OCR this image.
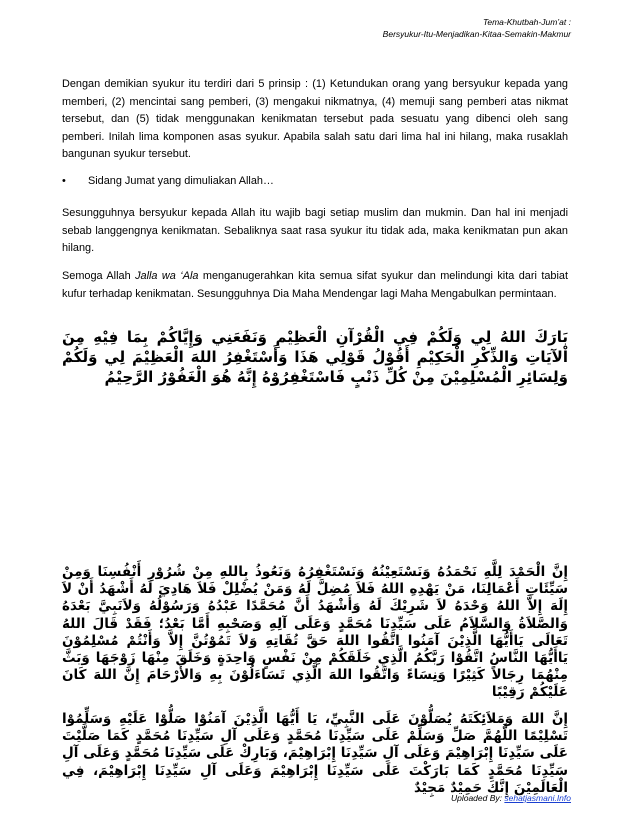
Tema-Khutbah-Jum’at :
Bersyukur-Itu-Menjadikan-Kitaa-Semakin-Makmur
Dengan demikian syukur itu terdiri dari 5 prinsip : (1) Ketundukan orang yang bersyukur kepada yang memberi, (2) mencintai sang pemberi, (3) mengakui nikmatnya, (4) memuji sang pemberi atas nikmat tersebut, dan (5) tidak menggunakan kenikmatan tersebut pada sesuatu yang dibenci oleh sang pemberi. Inilah lima komponen asas syukur. Apabila salah satu dari lima hal ini hilang, maka rusaklah bangunan syukur tersebut.
• Sidang Jumat yang dimuliakan Allah…
Sesungguhnya bersyukur kepada Allah itu wajib bagi setiap muslim dan mukmin. Dan hal ini menjadi sebab langgengnya kenikmatan. Sebaliknya saat rasa syukur itu tidak ada, maka kenikmatan pun akan hilang.
Semoga Allah Jalla wa ‘Ala menganugerahkan kita semua sifat syukur dan melindungi kita dari tabiat kufur terhadap kenikmatan. Sesungguhnya Dia Maha Mendengar lagi Maha Mengabulkan permintaan.
بَارَكَ اللهُ لِي وَلَكُمْ فِي الْقُرْآنِ الْعَظِيْمِ وَنَفَعَنِي وَإِيَّاكُمْ بِمَا فِيْهِ مِنَ اْلآيَاتِ وَالذِّكْرِ الْحَكِيْمِ أَقُوْلُ قَوْلِي هَذَا وَأَسْتَغْفِرُ اللهَ الْعَظِيْمَ لِي وَلَكُمْ وَلِسَائِرِ الْمُسْلِمِيْنَ مِنْ كُلِّ ذَنْبٍ فَاسْتَغْفِرُوْهُ إِنَّهُ هُوَ الْغَفُوْرُ الرَّحِيْمُ
إِنَّ الْحَمْدَ لِلَّهِ نَحْمَدُهُ وَنَسْتَعِيْنُهُ وَنَسْتَغْفِرُهُ وَنَعُوذُ بِاللهِ مِنْ شُرُوْرِ أَنْفُسِنَا وَمِنْ سَيِّئَاتِ أَعْمَالِنَا، مَنْ يَهْدِهِ اللهُ فَلاَ مُضِلَّ لَهُ وَمَنْ يُضْلِلْ فَلاَ هَادِيَ لَهُ أَشْهَدُ أَنْ لاَ إِلَهَ إِلاَّ اللهُ وَحْدَهُ لاَ شَرِيْكَ لَهُ وَأَشْهَدُ أَنَّ مُحَمَّدًا عَبْدُهُ وَرَسُوْلُهُ وَلاَنَبِيَّ بَعْدَهُ وَالصَّلاَةُ وَالسَّلاَمُ عَلَى سَيِّدِنَا مُحَمَّدٍ وَعَلَى آلِهِ وَصَحْبِهِ أَمَّا بَعْدُ؛ فَقَدْ قَالَ اللهُ تَعَالَى يَاأَيُّهَا الَّذِيْنَ آمَنُوا اتَّقُوا اللهَ حَقَّ تُقَاتِهِ وَلاَ تَمُوْتُنَّ إِلاَّ وَأَنْتُمْ مُسْلِمُوْنَ يَاأَيُّهَا النَّاسُ اتَّقُوْا رَبَّكُمُ الَّذِي خَلَقَكُمْ مِنْ نَفْسٍ وَاحِدَةٍ وَخَلَقَ مِنْهَا زَوْجَهَا وَبَثَّ مِنْهُمَا رِجَالاً كَثِيْرًا وَنِسَاءً وَاتَّقُوا اللهَ الَّذِي تَسَاءَلُوْنَ بِهِ وَالأَرْحَامَ إِنَّ اللهَ كَانَ عَلَيْكُمْ رَقِيْبًا
إِنَّ اللهَ وَمَلاَئِكَتَهُ يُصَلُّوْنَ عَلَى النَّبِيِّ، يَا أَيُّهَا الَّذِيْنَ آمَنُوْا صَلُّوْا عَلَيْهِ وَسَلِّمُوْا تَسْلِيْمًا اللَّهُمَّ صَلِّ وَسَلِّمْ عَلَى سَيِّدِنَا مُحَمَّدٍ وَعَلَى آلِ سَيِّدِنَا مُحَمَّدٍ كَمَا صَلَّيْتَ عَلَى سَيِّدِنَا إِبْرَاهِيْمَ وَعَلَى آلِ سَيِّدِنَا إِبْرَاهِيْمَ، وَبَارِكْ عَلَى سَيِّدِنَا مُحَمَّدٍ وَعَلَى آلِ سَيِّدِنَا مُحَمَّدٍ كَمَا بَارَكْتَ عَلَى سَيِّدِنَا إِبْرَاهِيْمَ وَعَلَى آلِ سَيِّدِنَا إِبْرَاهِيْمَ، فِي الْعَالَمِيْنَ إِنَّكَ حَمِيْدٌ مَجِيْدٌ
Uploaded By: sehatjasmani.Info
